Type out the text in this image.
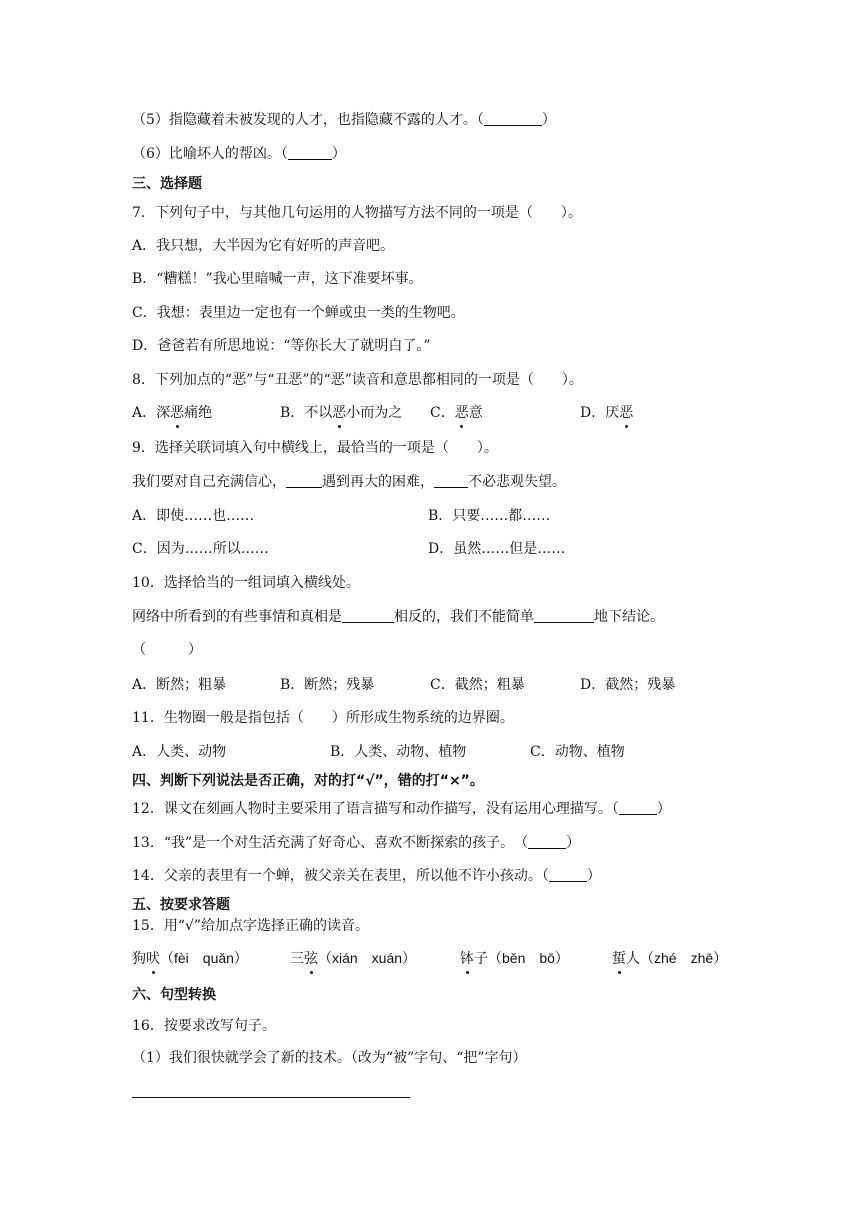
（5）指隐藏着未被发现的人才，也指隐藏不露的人才。（	）
（6）比喻坏人的帮凶。（	）
三、选择题
7．下列句子中，与其他几句运用的人物描写方法不同的一项是（　　）。
A．我只想，大半因为它有好听的声音吧。
B．“糟糕！”我心里暗喊一声，这下准要坏事。
C．我想：表里边一定也有一个蝉或虫一类的生物吧。
D．爸爸若有所思地说：“等你长大了就明白了。”
8．下列加点的“恶”与“丑恶”的“恶”读音和意思都相同的一项是（　　）。
A．深恶痛绝	B．不以恶小而为之 C．恶意	D．厌恶
9．选择关联词填入句中横线上，最恰当的一项是（　　）。
我们要对自己充满信心，	遇到再大的困难， 不必悲观失望。
A．即使……也……	B．只要……都……
C．因为……所以……	D．虽然……但是……
10．选择恰当的一组词填入横线处。
网络中所看到的有些事情和真相是	相反的，我们不能简单	地下结论。
（　　　）
A．断然；粗暴	B．断然；残暴	C．截然；粗暴	D．截然；残暴
11．生物圈一般是指包括（　　）所形成生物系统的边界圈。
A．人类、动物	B．人类、动物、植物	C．动物、植物
四、判断下列说法是否正确，对的打“√”，错的打“×”。
12．课文在刻画人物时主要采用了语言描写和动作描写，没有运用心理描写。（	）
13．“我”是一个对生活充满了好奇心、喜欢不断探索的孩子。　（	）
14．父亲的表里有一个蝉，被父亲关在表里，所以他不许小孩动。（	）
五、按要求答题
15．用“√”给加点字选择正确的读音。
狗吠（fèi　quǎn）	三弦（xián　xuán）	钵子（běn　bō）	蜇人（zhé　zhē）
六、句型转换
16．按要求改写句子。
（1）我们很快就学会了新的技术。（改为“被”字句、“把”字句）
